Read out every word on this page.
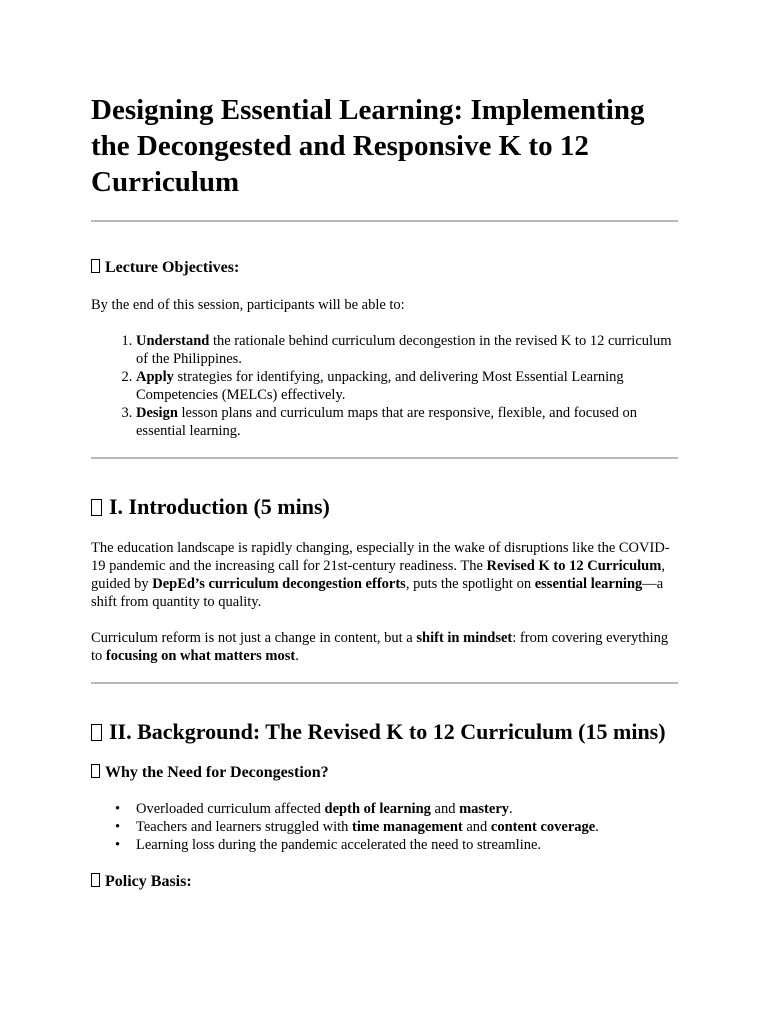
Designing Essential Learning: Implementing the Decongested and Responsive K to 12 Curriculum

Lecture Objectives:

By the end of this session, participants will be able to:

1. Understand the rationale behind curriculum decongestion in the revised K to 12 curriculum of the Philippines.
2. Apply strategies for identifying, unpacking, and delivering Most Essential Learning Competencies (MELCs) effectively.
3. Design lesson plans and curriculum maps that are responsive, flexible, and focused on essential learning.

I. Introduction (5 mins)

The education landscape is rapidly changing, especially in the wake of disruptions like the COVID-19 pandemic and the increasing call for 21st-century readiness. The Revised K to 12 Curriculum, guided by DepEd’s curriculum decongestion efforts, puts the spotlight on essential learning—a shift from quantity to quality.

Curriculum reform is not just a change in content, but a shift in mindset: from covering everything to focusing on what matters most.

II. Background: The Revised K to 12 Curriculum (15 mins)

Why the Need for Decongestion?

• Overloaded curriculum affected depth of learning and mastery.
• Teachers and learners struggled with time management and content coverage.
• Learning loss during the pandemic accelerated the need to streamline.

Policy Basis:
